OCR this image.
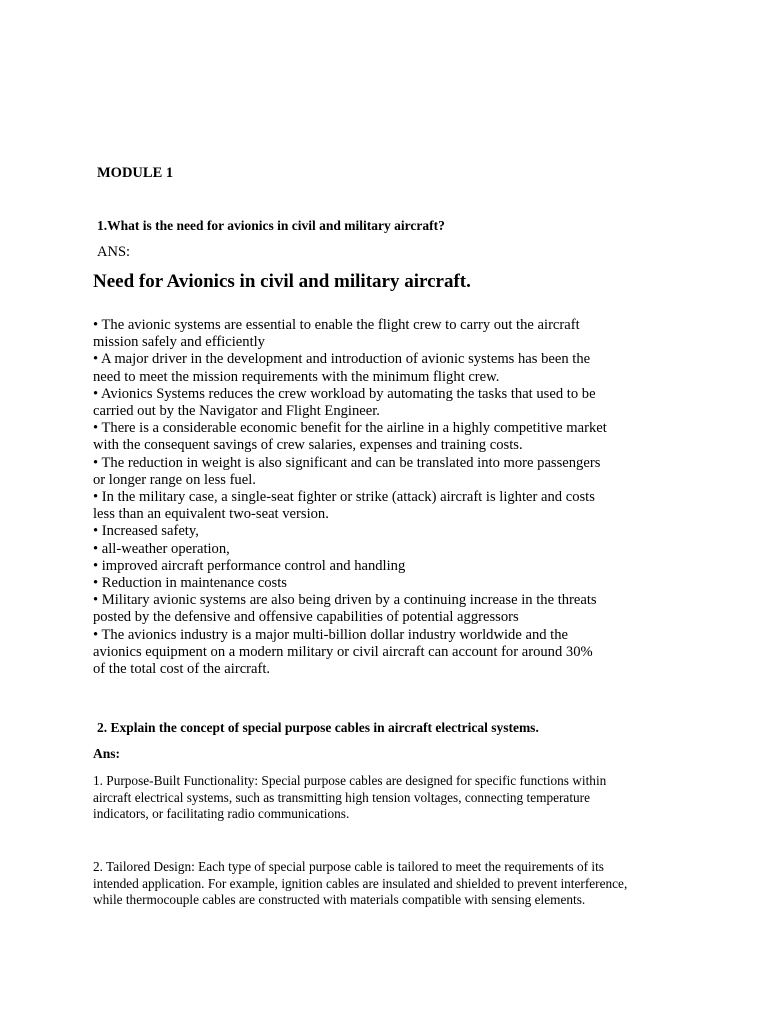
MODULE 1
1.What is the need for avionics in civil and military aircraft?
ANS:
Need for Avionics in civil and military aircraft.
• The avionic systems are essential to enable the flight crew to carry out the aircraft
mission safely and efficiently
• A major driver in the development and introduction of avionic systems has been the
need to meet the mission requirements with the minimum flight crew.
• Avionics Systems reduces the crew workload by automating the tasks that used to be
carried out by the Navigator and Flight Engineer.
• There is a considerable economic benefit for the airline in a highly competitive market
with the consequent savings of crew salaries, expenses and training costs.
• The reduction in weight is also significant and can be translated into more passengers
or longer range on less fuel.
• In the military case, a single-seat fighter or strike (attack) aircraft is lighter and costs
less than an equivalent two-seat version.
• Increased safety,
• all-weather operation,
• improved aircraft performance control and handling
• Reduction in maintenance costs
• Military avionic systems are also being driven by a continuing increase in the threats
posted by the defensive and offensive capabilities of potential aggressors
• The avionics industry is a major multi-billion dollar industry worldwide and the
avionics equipment on a modern military or civil aircraft can account for around 30%
of the total cost of the aircraft.
2. Explain the concept of special purpose cables in aircraft electrical systems.
Ans:
1. Purpose-Built Functionality: Special purpose cables are designed for specific functions within
aircraft electrical systems, such as transmitting high tension voltages, connecting temperature
indicators, or facilitating radio communications.
2. Tailored Design: Each type of special purpose cable is tailored to meet the requirements of its
intended application. For example, ignition cables are insulated and shielded to prevent interference,
while thermocouple cables are constructed with materials compatible with sensing elements.
